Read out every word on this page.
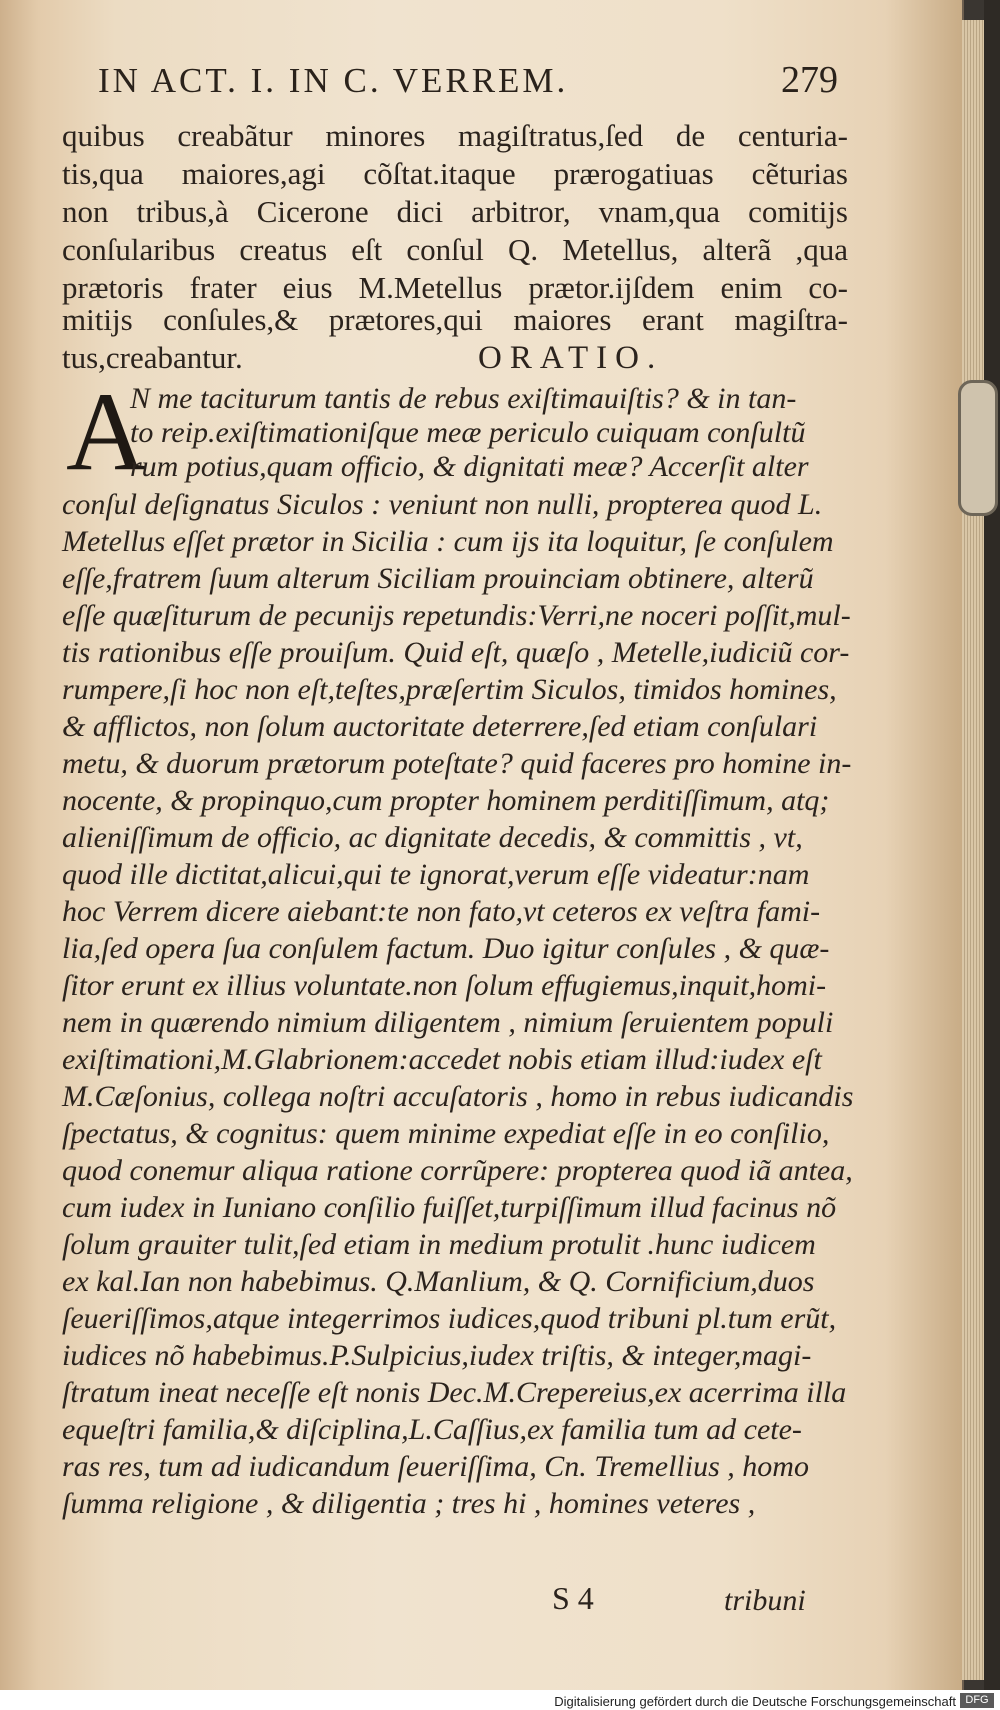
IN ACT. I. IN C. VERREM.	279
quibus creabãtur minores magiſtratus,ſed de centuria-
tis,qua maiores,agi cõſtat.itaque prærogatiuas cẽturias
non tribus,à Cicerone dici arbitror, vnam,qua comitijs
conſularibus creatus eſt conſul Q. Metellus, alterã ,qua
prætoris frater eius M.Metellus prætor.ijſdem enim co-
mitijs conſules,& prætores,qui maiores erant magiſtra-
tus,creabantur.	ORATIO.
A
N me taciturum tantis de rebus exiſtimauiſtis? & in tan-
to reip.exiſtimationiſque meæ periculo cuiquam conſultũ
rum potius,quam officio, & dignitati meæ? Accerſit alter
conſul deſignatus Siculos : veniunt non nulli, propterea quod L.
Metellus eſſet prætor in Sicilia : cum ijs ita loquitur, ſe conſulem
eſſe,fratrem ſuum alterum Siciliam prouinciam obtinere, alterũ
eſſe quæſiturum de pecunijs repetundis:Verri,ne noceri poſſit,mul-
tis rationibus eſſe prouiſum. Quid eſt, quæſo , Metelle,iudiciũ cor-
rumpere,ſi hoc non eſt,teſtes,præſertim Siculos, timidos homines,
& afflictos, non ſolum auctoritate deterrere,ſed etiam conſulari
metu, & duorum prætorum poteſtate? quid faceres pro homine in-
nocente, & propinquo,cum propter hominem perditiſſimum, atq;
alieniſſimum de officio, ac dignitate decedis, & committis , vt,
quod ille dictitat,alicui,qui te ignorat,verum eſſe videatur:nam
hoc Verrem dicere aiebant:te non fato,vt ceteros ex veſtra fami-
lia,ſed opera ſua conſulem factum. Duo igitur conſules , & quæ-
ſitor erunt ex illius voluntate.non ſolum effugiemus,inquit,homi-
nem in quærendo nimium diligentem , nimium ſeruientem populi
exiſtimationi,M.Glabrionem:accedet nobis etiam illud:iudex eſt
M.Cæſonius, collega noſtri accuſatoris , homo in rebus iudicandis
ſpectatus, & cognitus: quem minime expediat eſſe in eo conſilio,
quod conemur aliqua ratione corrũpere: propterea quod iã antea,
cum iudex in Iuniano conſilio fuiſſet,turpiſſimum illud facinus nõ
ſolum grauiter tulit,ſed etiam in medium protulit .hunc iudicem
ex kal.Ian non habebimus. Q.Manlium, & Q. Cornificium,duos
ſeueriſſimos,atque integerrimos iudices,quod tribuni pl.tum erũt,
iudices nõ habebimus.P.Sulpicius,iudex triſtis, & integer,magi-
ſtratum ineat neceſſe eſt nonis Dec.M.Crepereius,ex acerrima illa
equeſtri familia,& diſciplina,L.Caſſius,ex familia tum ad cete-
ras res, tum ad iudicandum ſeueriſſima, Cn. Tremellius , homo
ſumma religione , & diligentia ; tres hi , homines veteres ,
S 4	tribuni
Digitalisierung gefördert durch die Deutsche Forschungsgemeinschaft DFG
